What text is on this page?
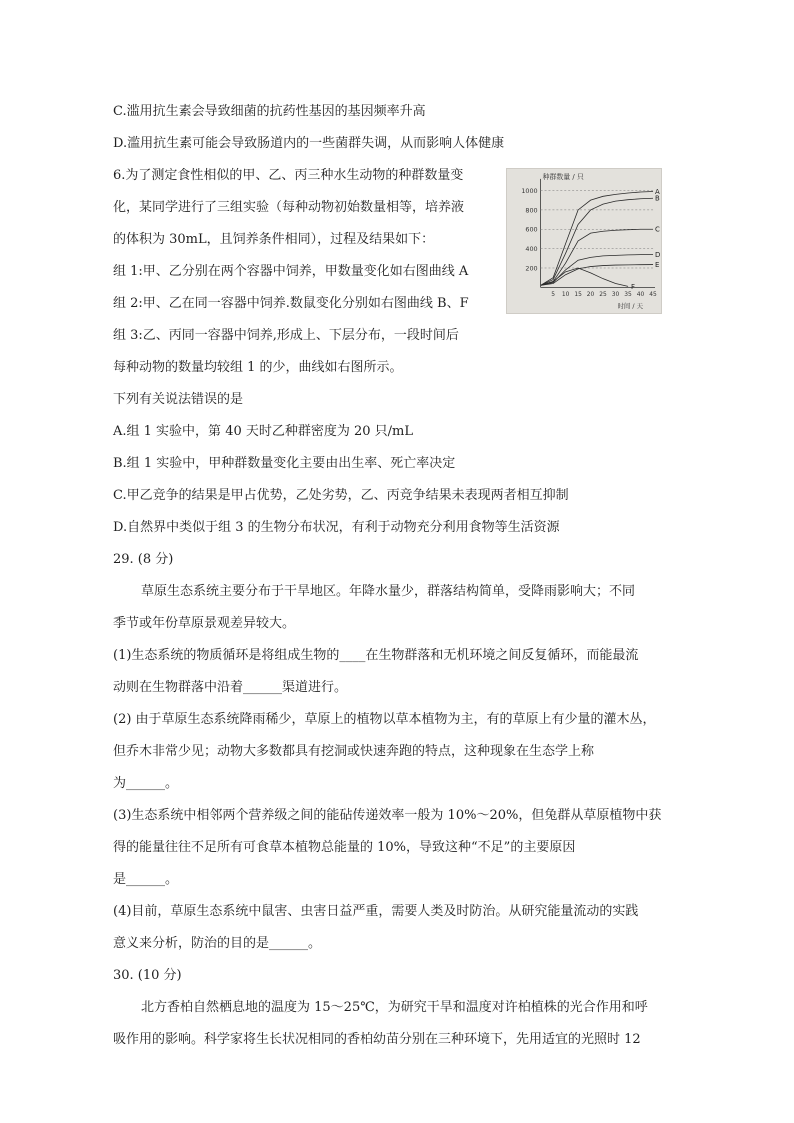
C.滥用抗生素会导致细菌的抗药性基因的基因频率升高
D.滥用抗生素可能会导致肠道内的一些菌群失调，从而影响人体健康
6.为了测定食性相似的甲、乙、丙三种水生动物的种群数量变
化，某同学进行了三组实验（每种动物初始数量相等，培养液
的体积为 30mL，且饲养条件相同），过程及结果如下：
组 1:甲、乙分别在两个容器中饲养，甲数量变化如右图曲线 A
组 2:甲、乙在同一容器中饲养.数鼠变化分别如右图曲线 B、F
组 3:乙、丙同一容器中饲养,形成上、下层分布，一段时间后
每种动物的数量均较组 1 的少，曲线如右图所示。
下列有关说法错误的是
A.组 1 实验中，第 40 天时乙种群密度为 20 只/mL
B.组 1 实验中，甲种群数量变化主要由出生率、死亡率决定
C.甲乙竞争的结果是甲占优势，乙处劣势，乙、丙竞争结果未表现两者相互抑制
D.自然界中类似于组 3 的生物分布状况，有利于动物充分利用食物等生活资源
29. (8 分)
草原生态系统主要分布于干旱地区。年降水量少，群落结构简单，受降雨影响大；不同
季节或年份草原景观差异较大。
(1)生态系统的物质循环是将组成生物的____在生物群落和无机环境之间反复循环，而能最流
动则在生物群落中沿着______渠道进行。
(2) 由于草原生态系统降雨稀少，草原上的植物以草本植物为主，有的草原上有少量的灌木丛，
但乔木非常少见；动物大多数都具有挖洞或快速奔跑的特点，这种现象在生态学上称
为______。
(3)生态系统中相邻两个营养级之间的能砧传递效率一般为 10%～20%，但兔群从草原植物中获
得的能量往往不足所有可食草本植物总能量的 10%，导致这种“不足”的主要原因
是______。
(4)目前，草原生态系统中鼠害、虫害日益严重，需要人类及时防治。从研究能量流动的实践
意义来分析，防治的目的是______。
30. (10 分)
北方香柏自然栖息地的温度为 15～25℃，为研究干旱和温度对许柏植株的光合作用和呼
吸作用的影响。科学家将生长状况相同的香柏幼苗分别在三种环境下，先用适宜的光照时 12
种群数量 / 只
时间 / 天
A
B
C
D
E
F
200
400
600
800
1000
5 10 15 20 25 30 35 40 45
